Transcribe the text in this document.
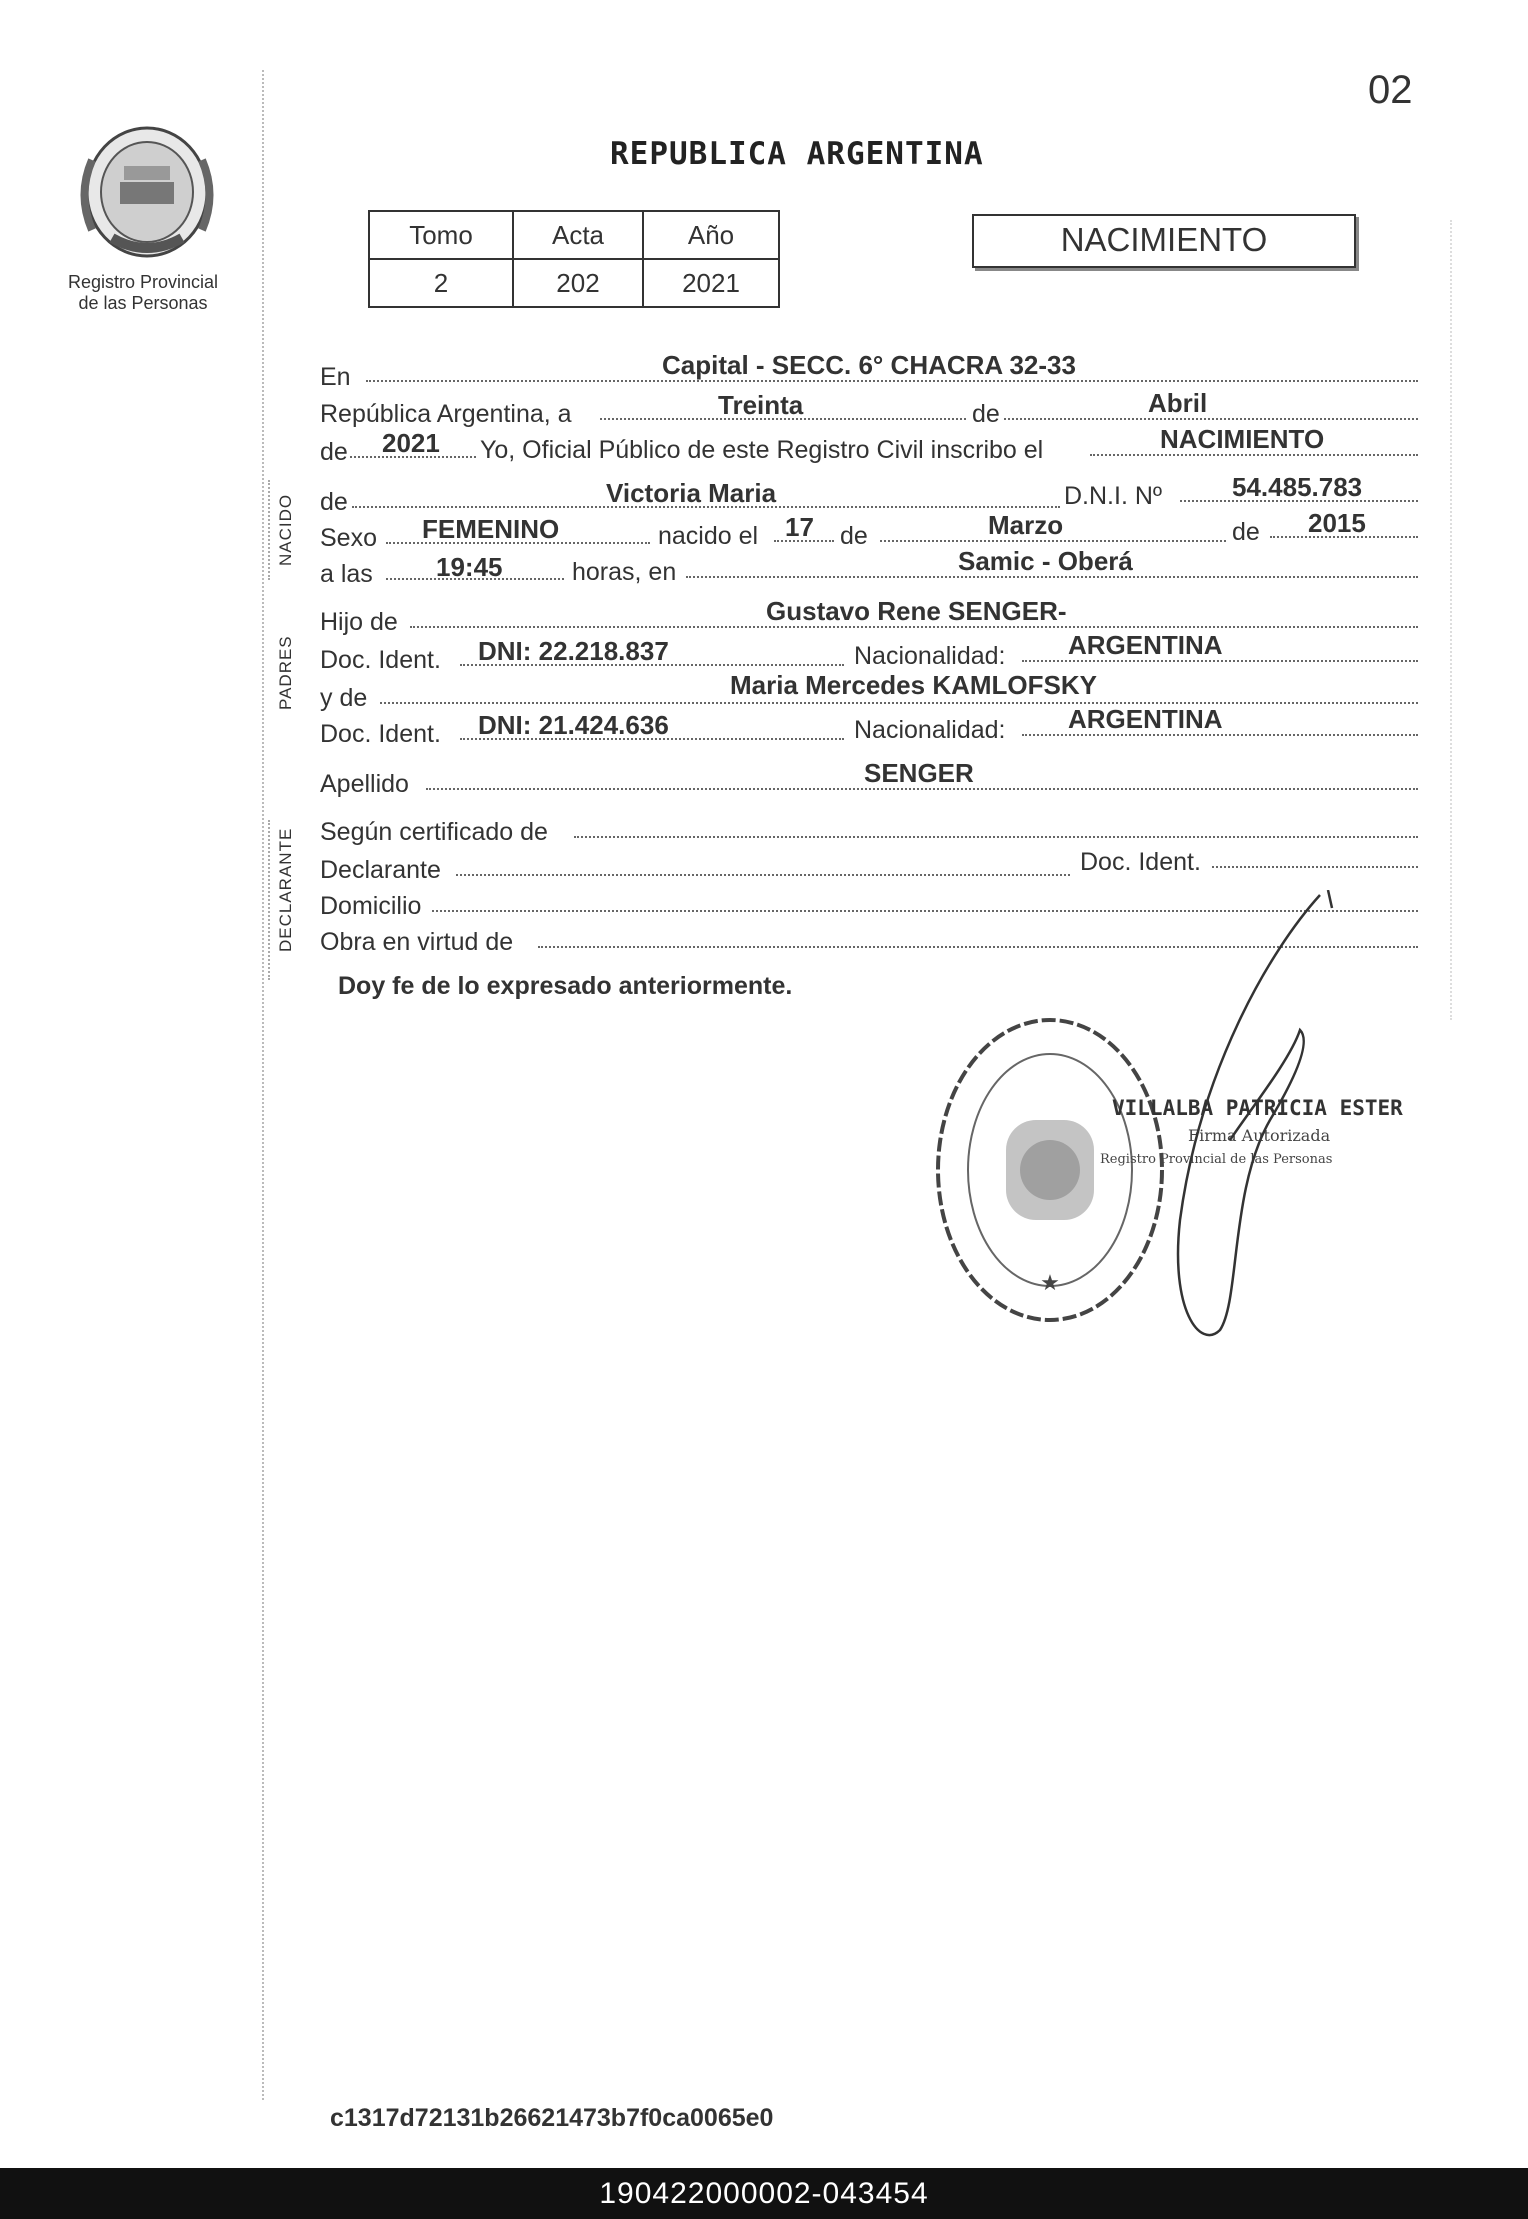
02
Registro Provincial
de las Personas
REPUBLICA ARGENTINA
Tomo	Acta	Año
2	202	2021
NACIMIENTO
NACIDO
PADRES
DECLARANTE
En	Capital - SECC. 6° CHACRA 32-33
República Argentina, a	Treinta	de	Abril
de 2021 Yo, Oficial Público de este Registro Civil inscribo el	NACIMIENTO
de	Victoria Maria	D.N.I. Nº	54.485.783
Sexo FEMENINO	nacido el 17 de	Marzo	de 2015
a las 19:45	horas, en	Samic - Oberá
Hijo de	Gustavo Rene SENGER-
Doc. Ident. DNI: 22.218.837	Nacionalidad: ARGENTINA
y de	Maria Mercedes KAMLOFSKY
Doc. Ident. DNI: 21.424.636	Nacionalidad: ARGENTINA
Apellido	SENGER
Según certificado de
Declarante	Doc. Ident.
Domicilio
Obra en virtud de
Doy fe de lo expresado anteriormente.
★
VILLALBA PATRICIA ESTER
Firma Autorizada
Registro Provincial de las Personas
c1317d72131b26621473b7f0ca0065e0
190422000002-043454
